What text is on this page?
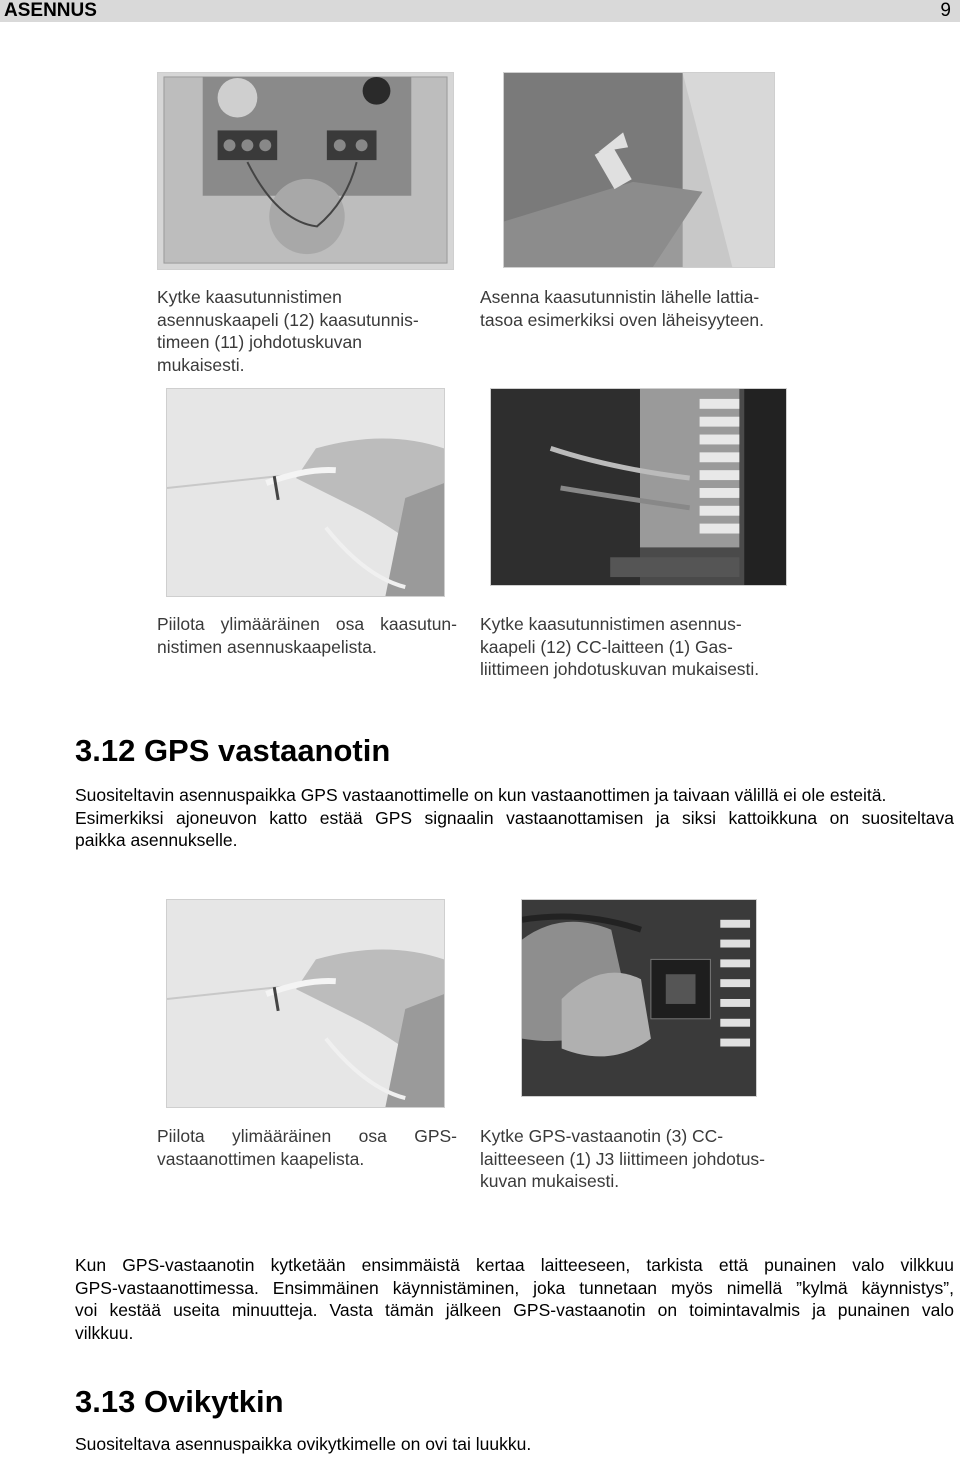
ASENNUS	9
Kytke kaasutunnistimen
asennuskaapeli (12) kaasutunnis-
timeen (11) johdotuskuvan
mukaisesti.
Asenna kaasutunnistin lähelle lattia-
tasoa esimerkiksi oven läheisyyteen.
Piilota ylimääräinen osa kaasutun-
nistimen asennuskaapelista.
Kytke kaasutunnistimen asennus-
kaapeli (12) CC-laitteen (1) Gas-
liittimeen johdotuskuvan mukaisesti.
3.12 GPS vastaanotin
Suositeltavin asennuspaikka GPS vastaanottimelle on kun vastaanottimen ja taivaan välillä ei ole esteitä.
Esimerkiksi ajoneuvon katto estää GPS signaalin vastaanottamisen ja siksi kattoikkuna on suositeltava
paikka asennukselle.
Piilota ylimääräinen osa GPS-
vastaanottimen kaapelista.
Kytke GPS-vastaanotin (3) CC-
laitteeseen (1) J3 liittimeen johdotus-
kuvan mukaisesti.
Kun GPS-vastaanotin kytketään ensimmäistä kertaa laitteeseen, tarkista että punainen valo vilkkuu
GPS-vastaanottimessa. Ensimmäinen käynnistäminen, joka tunnetaan myös nimellä ”kylmä käynnistys”,
voi kestää useita minuutteja. Vasta tämän jälkeen GPS-vastaanotin on toimintavalmis ja punainen valo
vilkkuu.
3.13 Ovikytkin
Suositeltava asennuspaikka ovikytkimelle on ovi tai luukku.
